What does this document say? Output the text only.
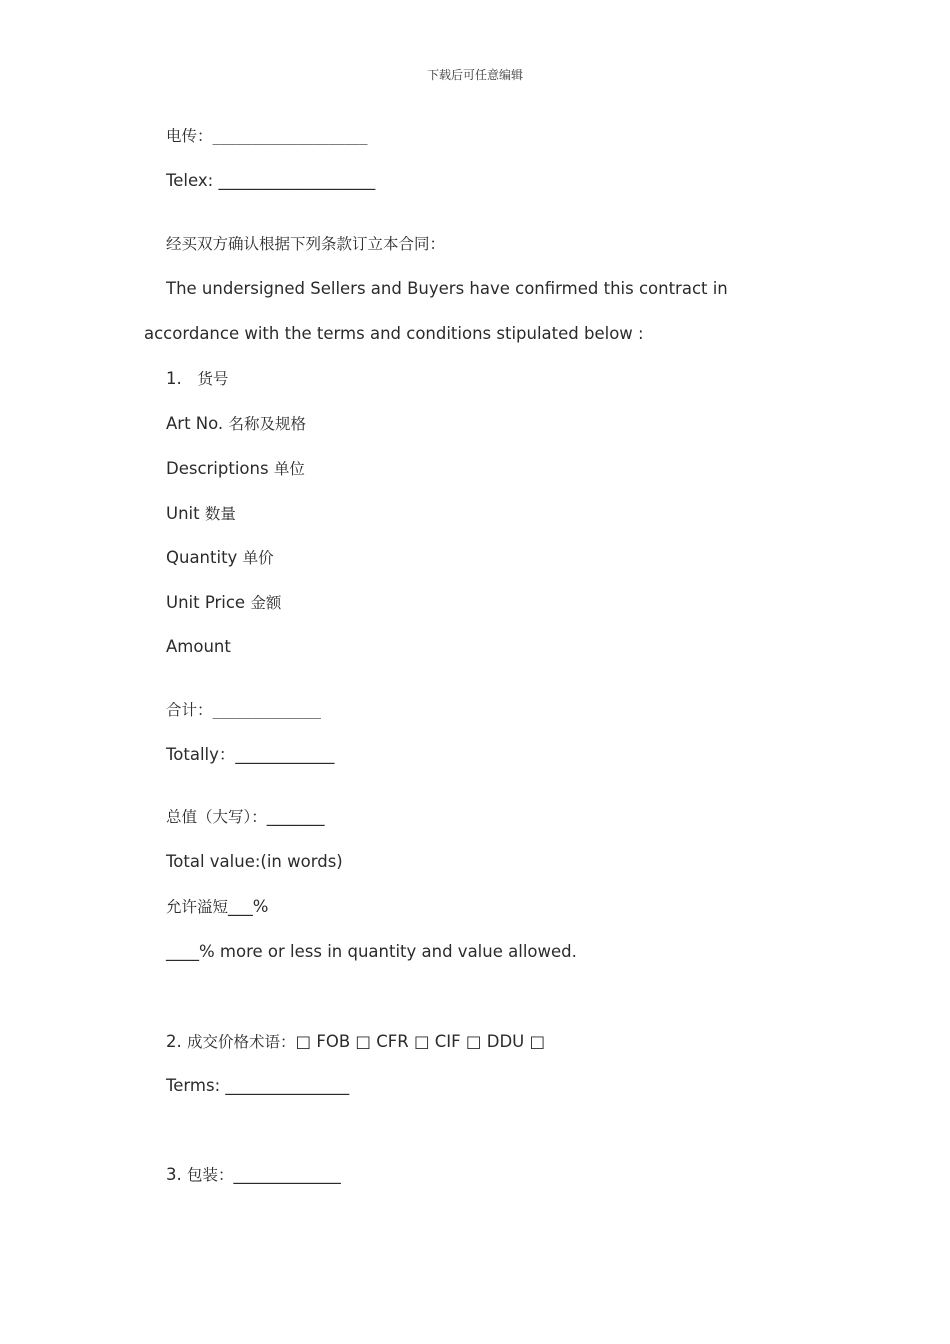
下载后可任意编辑
电传：____________________
Telex: ___________________
经买双方确认根据下列条款订立本合同：
The undersigned Sellers and Buyers have confirmed this contract in
accordance with the terms and conditions stipulated below :
1. 货号
Art No. 名称及规格
Descriptions 单位
Unit 数量
Quantity 单价
Unit Price 金额
Amount
合计：______________
Totally：____________
总值（大写）：_______
Total value:(in words)
允许溢短___%
____% more or less in quantity and value allowed.
2. 成交价格术语：□ FOB □ CFR □ CIF □ DDU □
Terms: _______________
3. 包装：_____________
